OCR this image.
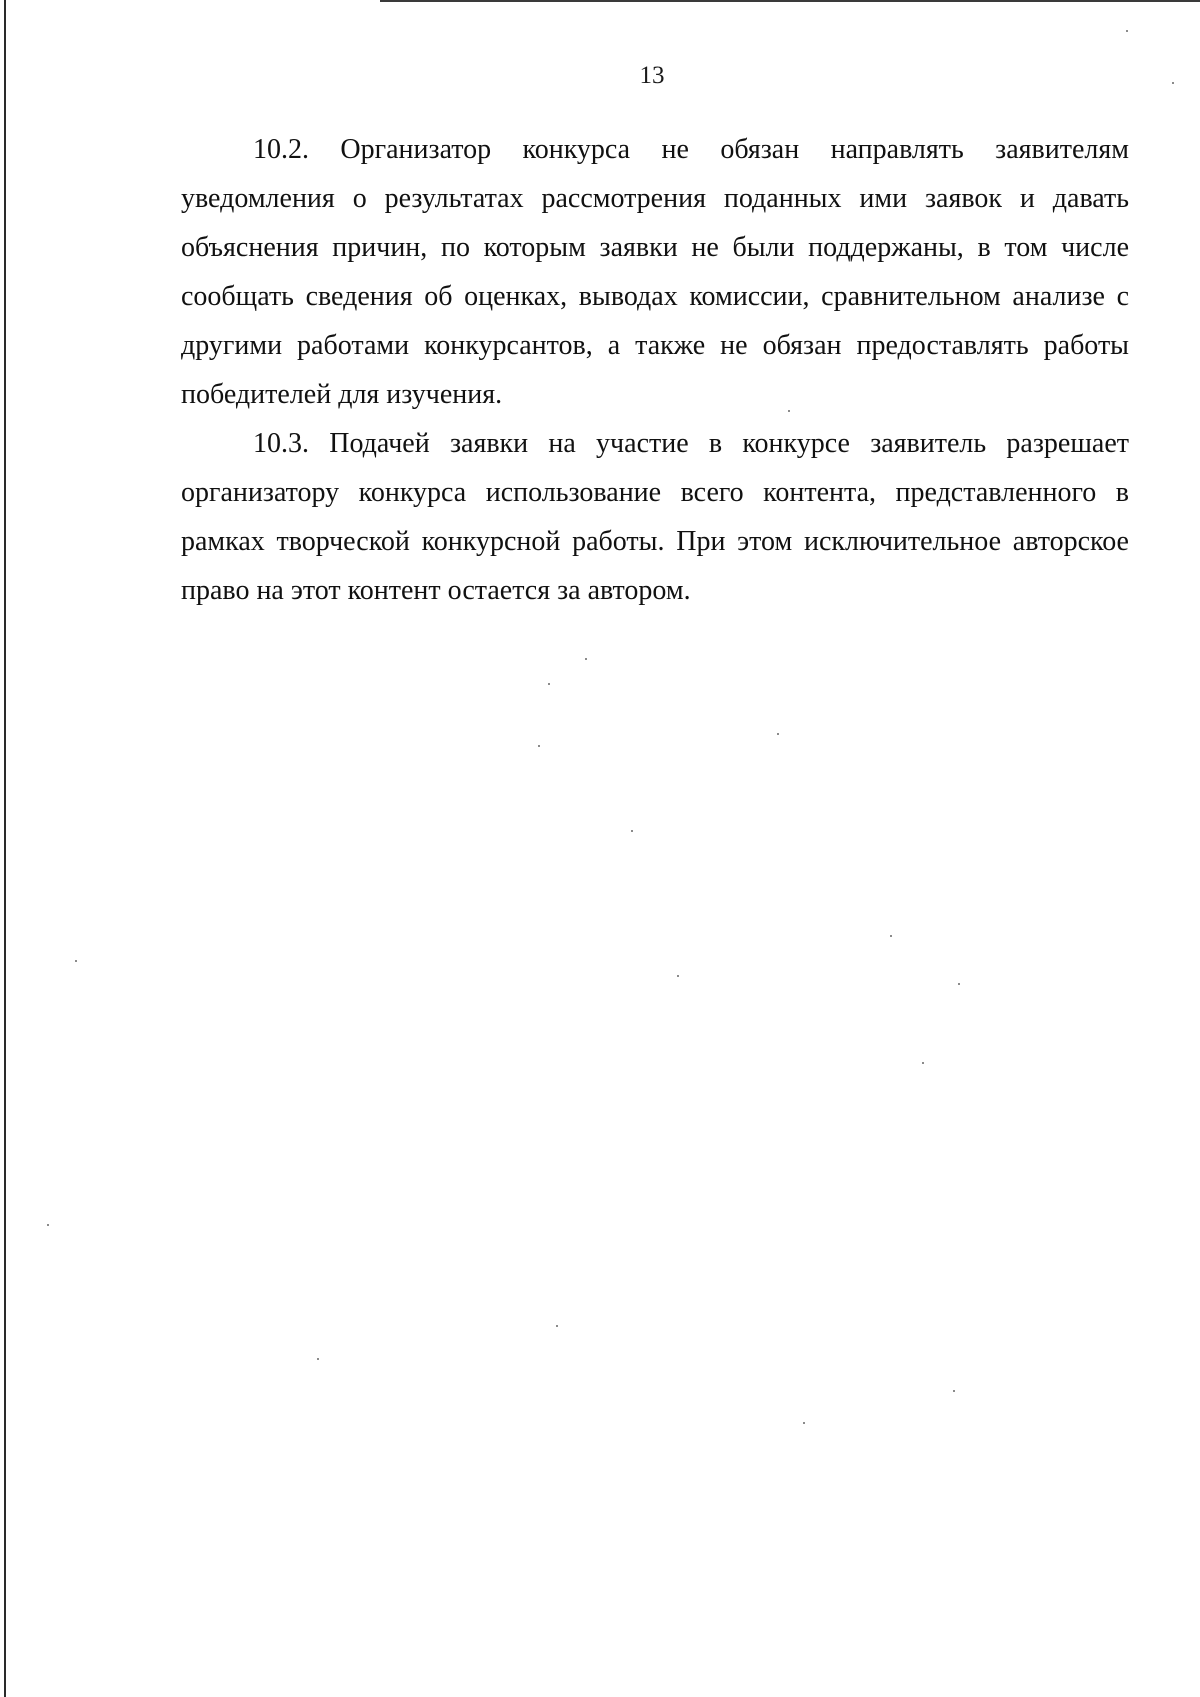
13

10.2. Организатор конкурса не обязан направлять заявителям уведомления о результатах рассмотрения поданных ими заявок и давать объяснения причин, по которым заявки не были поддержаны, в том числе сообщать сведения об оценках, выводах комиссии, сравнительном анализе с другими работами конкурсантов, а также не обязан предоставлять работы победителей для изучения.

10.3. Подачей заявки на участие в конкурсе заявитель разрешает организатору конкурса использование всего контента, представленного в рамках творческой конкурсной работы. При этом исключительное авторское право на этот контент остается за автором.
